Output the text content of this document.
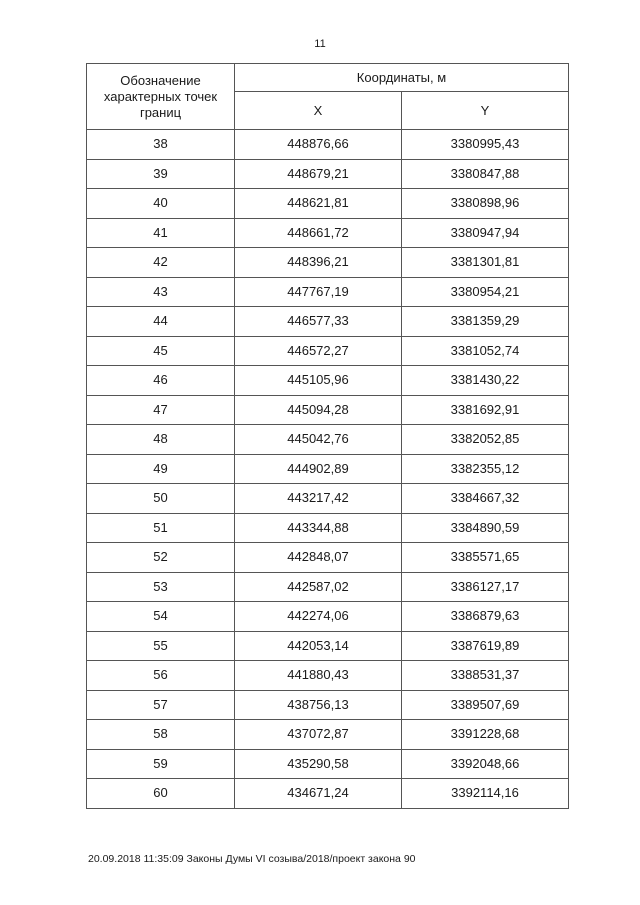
11
Обозначение характерных точек границ	Координаты, м	
	X	Y
38	448876,66	3380995,43
39	448679,21	3380847,88
40	448621,81	3380898,96
41	448661,72	3380947,94
42	448396,21	3381301,81
43	447767,19	3380954,21
44	446577,33	3381359,29
45	446572,27	3381052,74
46	445105,96	3381430,22
47	445094,28	3381692,91
48	445042,76	3382052,85
49	444902,89	3382355,12
50	443217,42	3384667,32
51	443344,88	3384890,59
52	442848,07	3385571,65
53	442587,02	3386127,17
54	442274,06	3386879,63
55	442053,14	3387619,89
56	441880,43	3388531,37
57	438756,13	3389507,69
58	437072,87	3391228,68
59	435290,58	3392048,66
60	434671,24	3392114,16
20.09.2018 11:35:09 Законы Думы VI созыва/2018/проект закона 90
